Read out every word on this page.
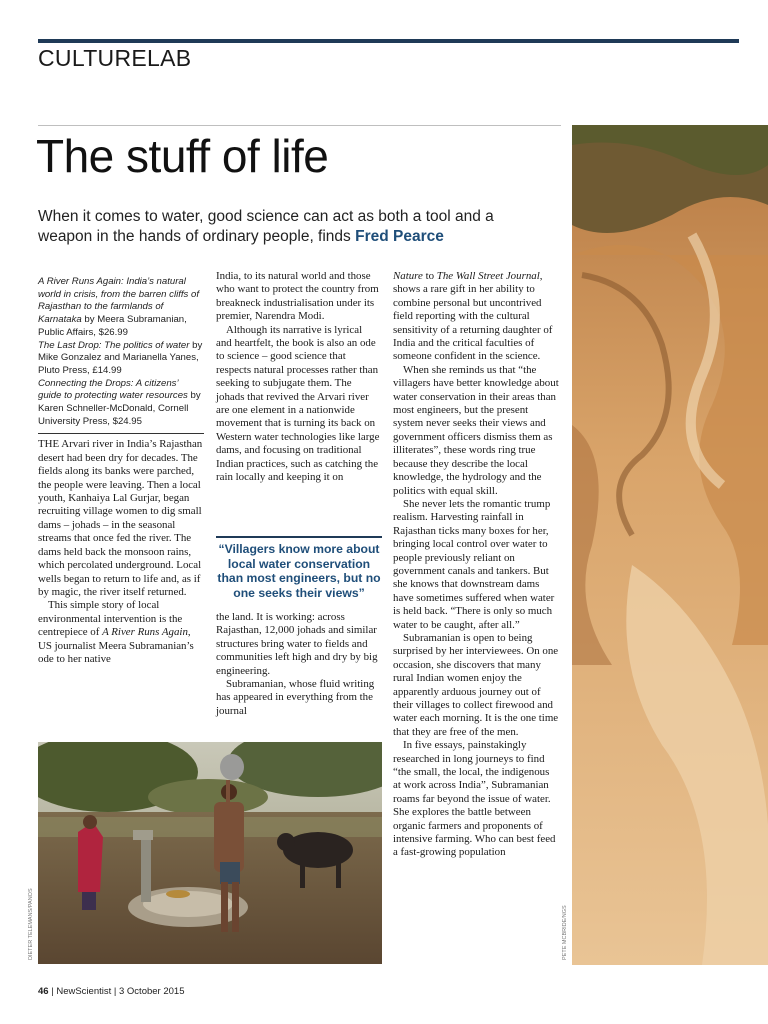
CULTURELAB
The stuff of life

When it comes to water, good science can act as both a tool and a weapon in the hands of ordinary people, finds Fred Pearce

A River Runs Again: India’s natural world in crisis, from the barren cliffs of Rajasthan to the farmlands of Karnataka by Meera Subramanian, Public Affairs, $26.99
The Last Drop: The politics of water by Mike Gonzalez and Marianella Yanes, Pluto Press, £14.99
Connecting the Drops: A citizens’ guide to protecting water resources by Karen Schneller-McDonald, Cornell University Press, $24.95

THE Arvari river in India’s Rajasthan desert had been dry for decades. The fields along its banks were parched, the people were leaving. Then a local youth, Kanhaiya Lal Gurjar, began recruiting village women to dig small dams – johads – in the seasonal streams that once fed the river. The dams held back the monsoon rains, which percolated underground. Local wells began to return to life and, as if by magic, the river itself returned.

This simple story of local environmental intervention is the centrepiece of A River Runs Again, US journalist Meera Subramanian’s ode to her native

India, to its natural world and those who want to protect the country from breakneck industrialisation under its premier, Narendra Modi.

Although its narrative is lyrical and heartfelt, the book is also an ode to science – good science that respects natural processes rather than seeking to subjugate them. The johads that revived the Arvari river are one element in a nationwide movement that is turning its back on Western water technologies like large dams, and focusing on traditional Indian practices, such as catching the rain locally and keeping it on

“Villagers know more about local water conservation than most engineers, but no one seeks their views”

the land. It is working: across Rajasthan, 12,000 johads and similar structures bring water to fields and communities left high and dry by big engineering.

Subramanian, whose fluid writing has appeared in everything from the journal

Nature to The Wall Street Journal, shows a rare gift in her ability to combine personal but uncontrived field reporting with the cultural sensitivity of a returning daughter of India and the critical faculties of someone confident in the science.

When she reminds us that “the villagers have better knowledge about water conservation in their areas than most engineers, but the present system never seeks their views and government officers dismiss them as illiterates”, these words ring true because they describe the local knowledge, the hydrology and the politics with equal skill.

She never lets the romantic trump realism. Harvesting rainfall in Rajasthan ticks many boxes for her, bringing local control over water to people previously reliant on government canals and tankers. But she knows that downstream dams have sometimes suffered when water is held back. “There is only so much water to be caught, after all.”

Subramanian is open to being surprised by her interviewees. On one occasion, she discovers that many rural Indian women enjoy the apparently arduous journey out of their villages to collect firewood and water each morning. It is the one time that they are free of the men.

In five essays, painstakingly researched in long journeys to find “the small, the local, the indigenous at work across India”, Subramanian roams far beyond the issue of water. She explores the battle between organic farmers and proponents of intensive farming. Who can best feed a fast-growing population

DIETER TELEMANS/PANOS	PETE MCBRIDE/NGS
46 | NewScientist | 3 October 2015
